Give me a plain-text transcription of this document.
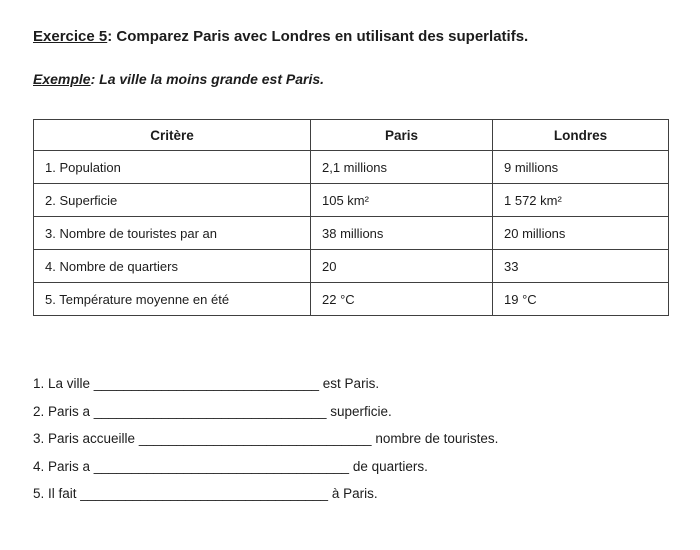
Exercice 5: Comparez Paris avec Londres en utilisant des superlatifs.

Exemple: La ville la moins grande est Paris.

Critère	Paris	Londres
1. Population	2,1 millions	9 millions
2. Superficie	105 km²	1 572 km²
3. Nombre de touristes par an	38 millions	20 millions
4. Nombre de quartiers	20	33
5. Température moyenne en été	22 °C	19 °C

1. La ville ______________________________ est Paris.

2. Paris a _______________________________ superficie.

3. Paris accueille _______________________________ nombre de touristes.

4. Paris a __________________________________ de quartiers.

5. Il fait _________________________________ à Paris.
